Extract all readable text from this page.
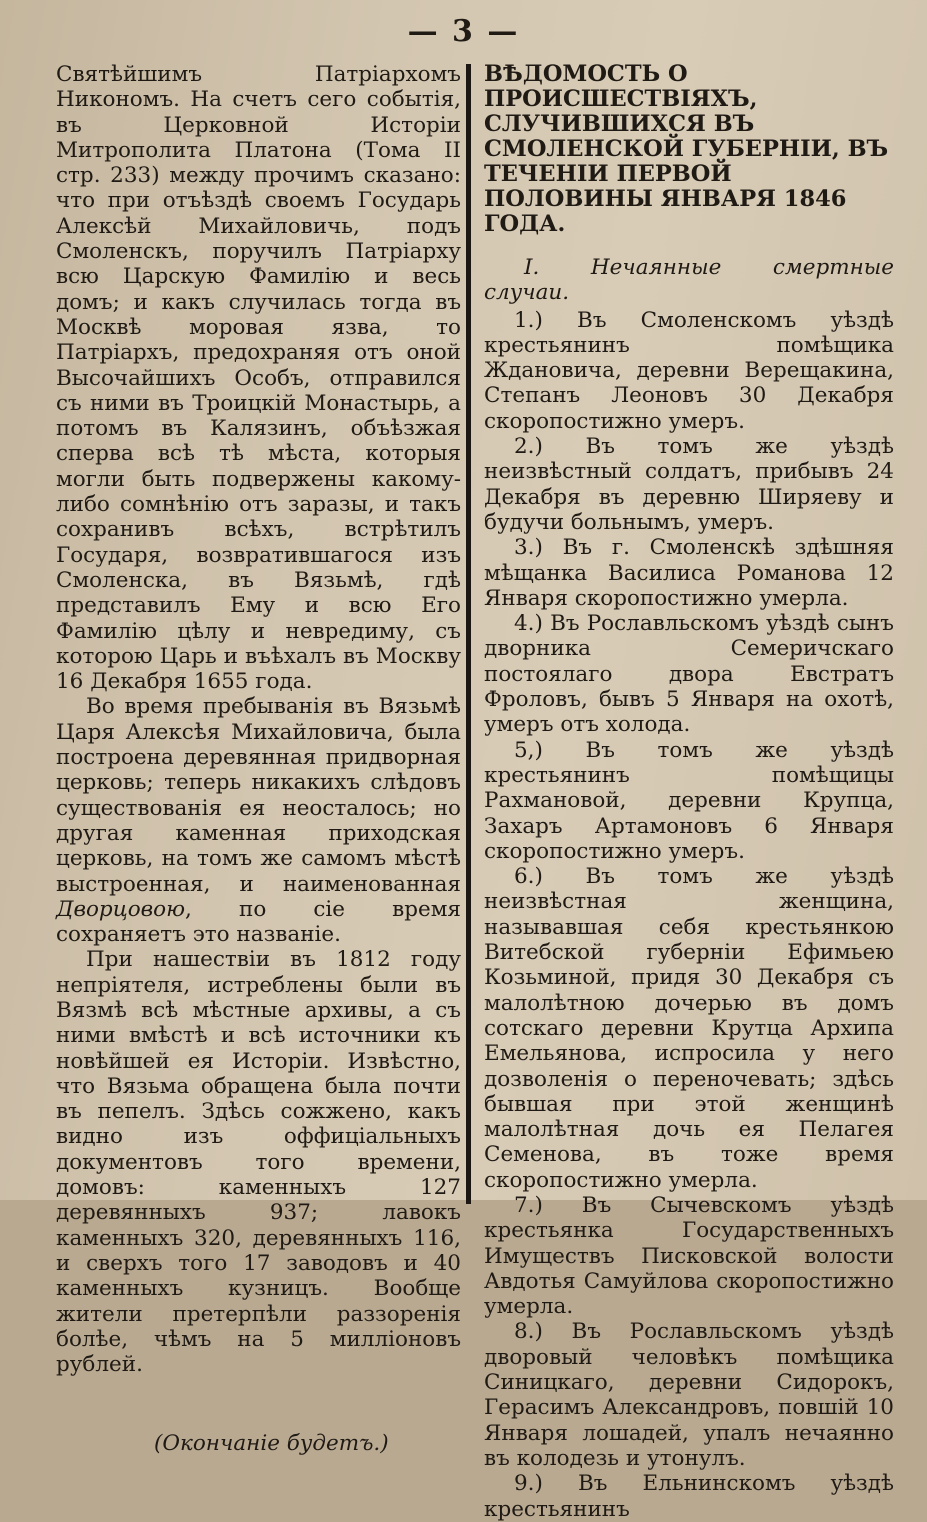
— 3 —

Святѣйшимъ Патріархомъ Никономъ. На счетъ сего событія, въ Церковной Исторіи Митрополита Платона (Тома II стр. 233) между прочимъ сказано: что при отъѣздѣ своемъ Государь Алексѣй Михайловичь, подъ Смоленскъ, поручилъ Патріарху всю Царскую Фамилію и весь домъ; и какъ случилась тогда въ Москвѣ моровая язва, то Патріархъ, предохраняя отъ оной Высочайшихъ Особъ, отправился съ ними въ Троицкій Монастырь, а потомъ въ Калязинъ, объѣзжая сперва всѣ тѣ мѣста, которыя могли быть подвержены какому-либо сомнѣнію отъ заразы, и такъ сохранивъ всѣхъ, встрѣтилъ Государя, возвратившагося изъ Смоленска, въ Вязьмѣ, гдѣ представилъ Ему и всю Его Фамилію цѣлу и невредиму, съ которою Царь и въѣхалъ въ Москву 16 Декабря 1655 года.

Во время пребыванія въ Вязьмѣ Царя Алексѣя Михайловича, была построена деревянная придворная церковь; теперь никакихъ слѣдовъ существованія ея неосталось; но другая каменная приходская церковь, на томъ же самомъ мѣстѣ выстроенная, и наименованная Дворцовою, по сіе время сохраняетъ это названіе.

При нашествіи въ 1812 году непріятеля, истреблены были въ Вязмѣ всѣ мѣстные архивы, а съ ними вмѣстѣ и всѣ источники къ новѣйшей ея Исторіи. Извѣстно, что Вязьма обращена была почти въ пепелъ. Здѣсь сожжено, какъ видно изъ оффиціальныхъ документовъ того времени, домовъ: каменныхъ 127 деревянныхъ 937; лавокъ каменныхъ 320, деревянныхъ 116, и сверхъ того 17 заводовъ и 40 каменныхъ кузницъ. Вообще жители претерпѣли раззоренія болѣе, чѣмъ на 5 милліоновъ рублей.

(Окончаніе будетъ.)

ВѢДОМОСТЬ О ПРОИСШЕСТВІЯХЪ, СЛУЧИВШИХСЯ ВЪ СМОЛЕНСКОЙ ГУБЕРНІИ, ВЪ ТЕЧЕНІИ ПЕРВОЙ ПОЛОВИНЫ ЯНВАРЯ 1846 ГОДА.

I. Нечаянные смертные случаи.

1.) Въ Смоленскомъ уѣздѣ крестьянинъ помѣщика Ждановича, деревни Верещакина, Степанъ Леоновъ 30 Декабря скоропостижно умеръ.

2.) Въ томъ же уѣздѣ неизвѣстный солдатъ, прибывъ 24 Декабря въ деревню Ширяеву и будучи больнымъ, умеръ.

3.) Въ г. Смоленскѣ здѣшняя мѣщанка Василиса Романова 12 Января скоропостижно умерла.

4.) Въ Рославльскомъ уѣздѣ сынъ дворника Семеричскаго постоялаго двора Евстратъ Фроловъ, бывъ 5 Января на охотѣ, умеръ отъ холода.

5,) Въ томъ же уѣздѣ крестьянинъ помѣщицы Рахмановой, деревни Крупца, Захаръ Артамоновъ 6 Января скоропостижно умеръ.

6.) Въ томъ же уѣздѣ неизвѣстная женщина, называвшая себя крестьянкою Витебской губерніи Ефимьею Козьминой, придя 30 Декабря съ малолѣтною дочерью въ домъ сотскаго деревни Крутца Архипа Емельянова, испросила у него дозволенія о переночевать; здѣсь бывшая при этой женщинѣ малолѣтная дочь ея Пелагея Семенова, въ тоже время скоропостижно умерла.

7.) Въ Сычевскомъ уѣздѣ крестьянка Государственныхъ Имуществъ Писковской волости Авдотья Самуйлова скоропостижно умерла.

8.) Въ Рославльскомъ уѣздѣ дворовый человѣкъ помѣщика Синицкаго, деревни Сидорокъ, Герасимъ Александровъ, повшій 10 Января лошадей, упалъ нечаянно въ колодезь и утонулъ.

9.) Въ Ельнинскомъ уѣздѣ крестьянинъ
